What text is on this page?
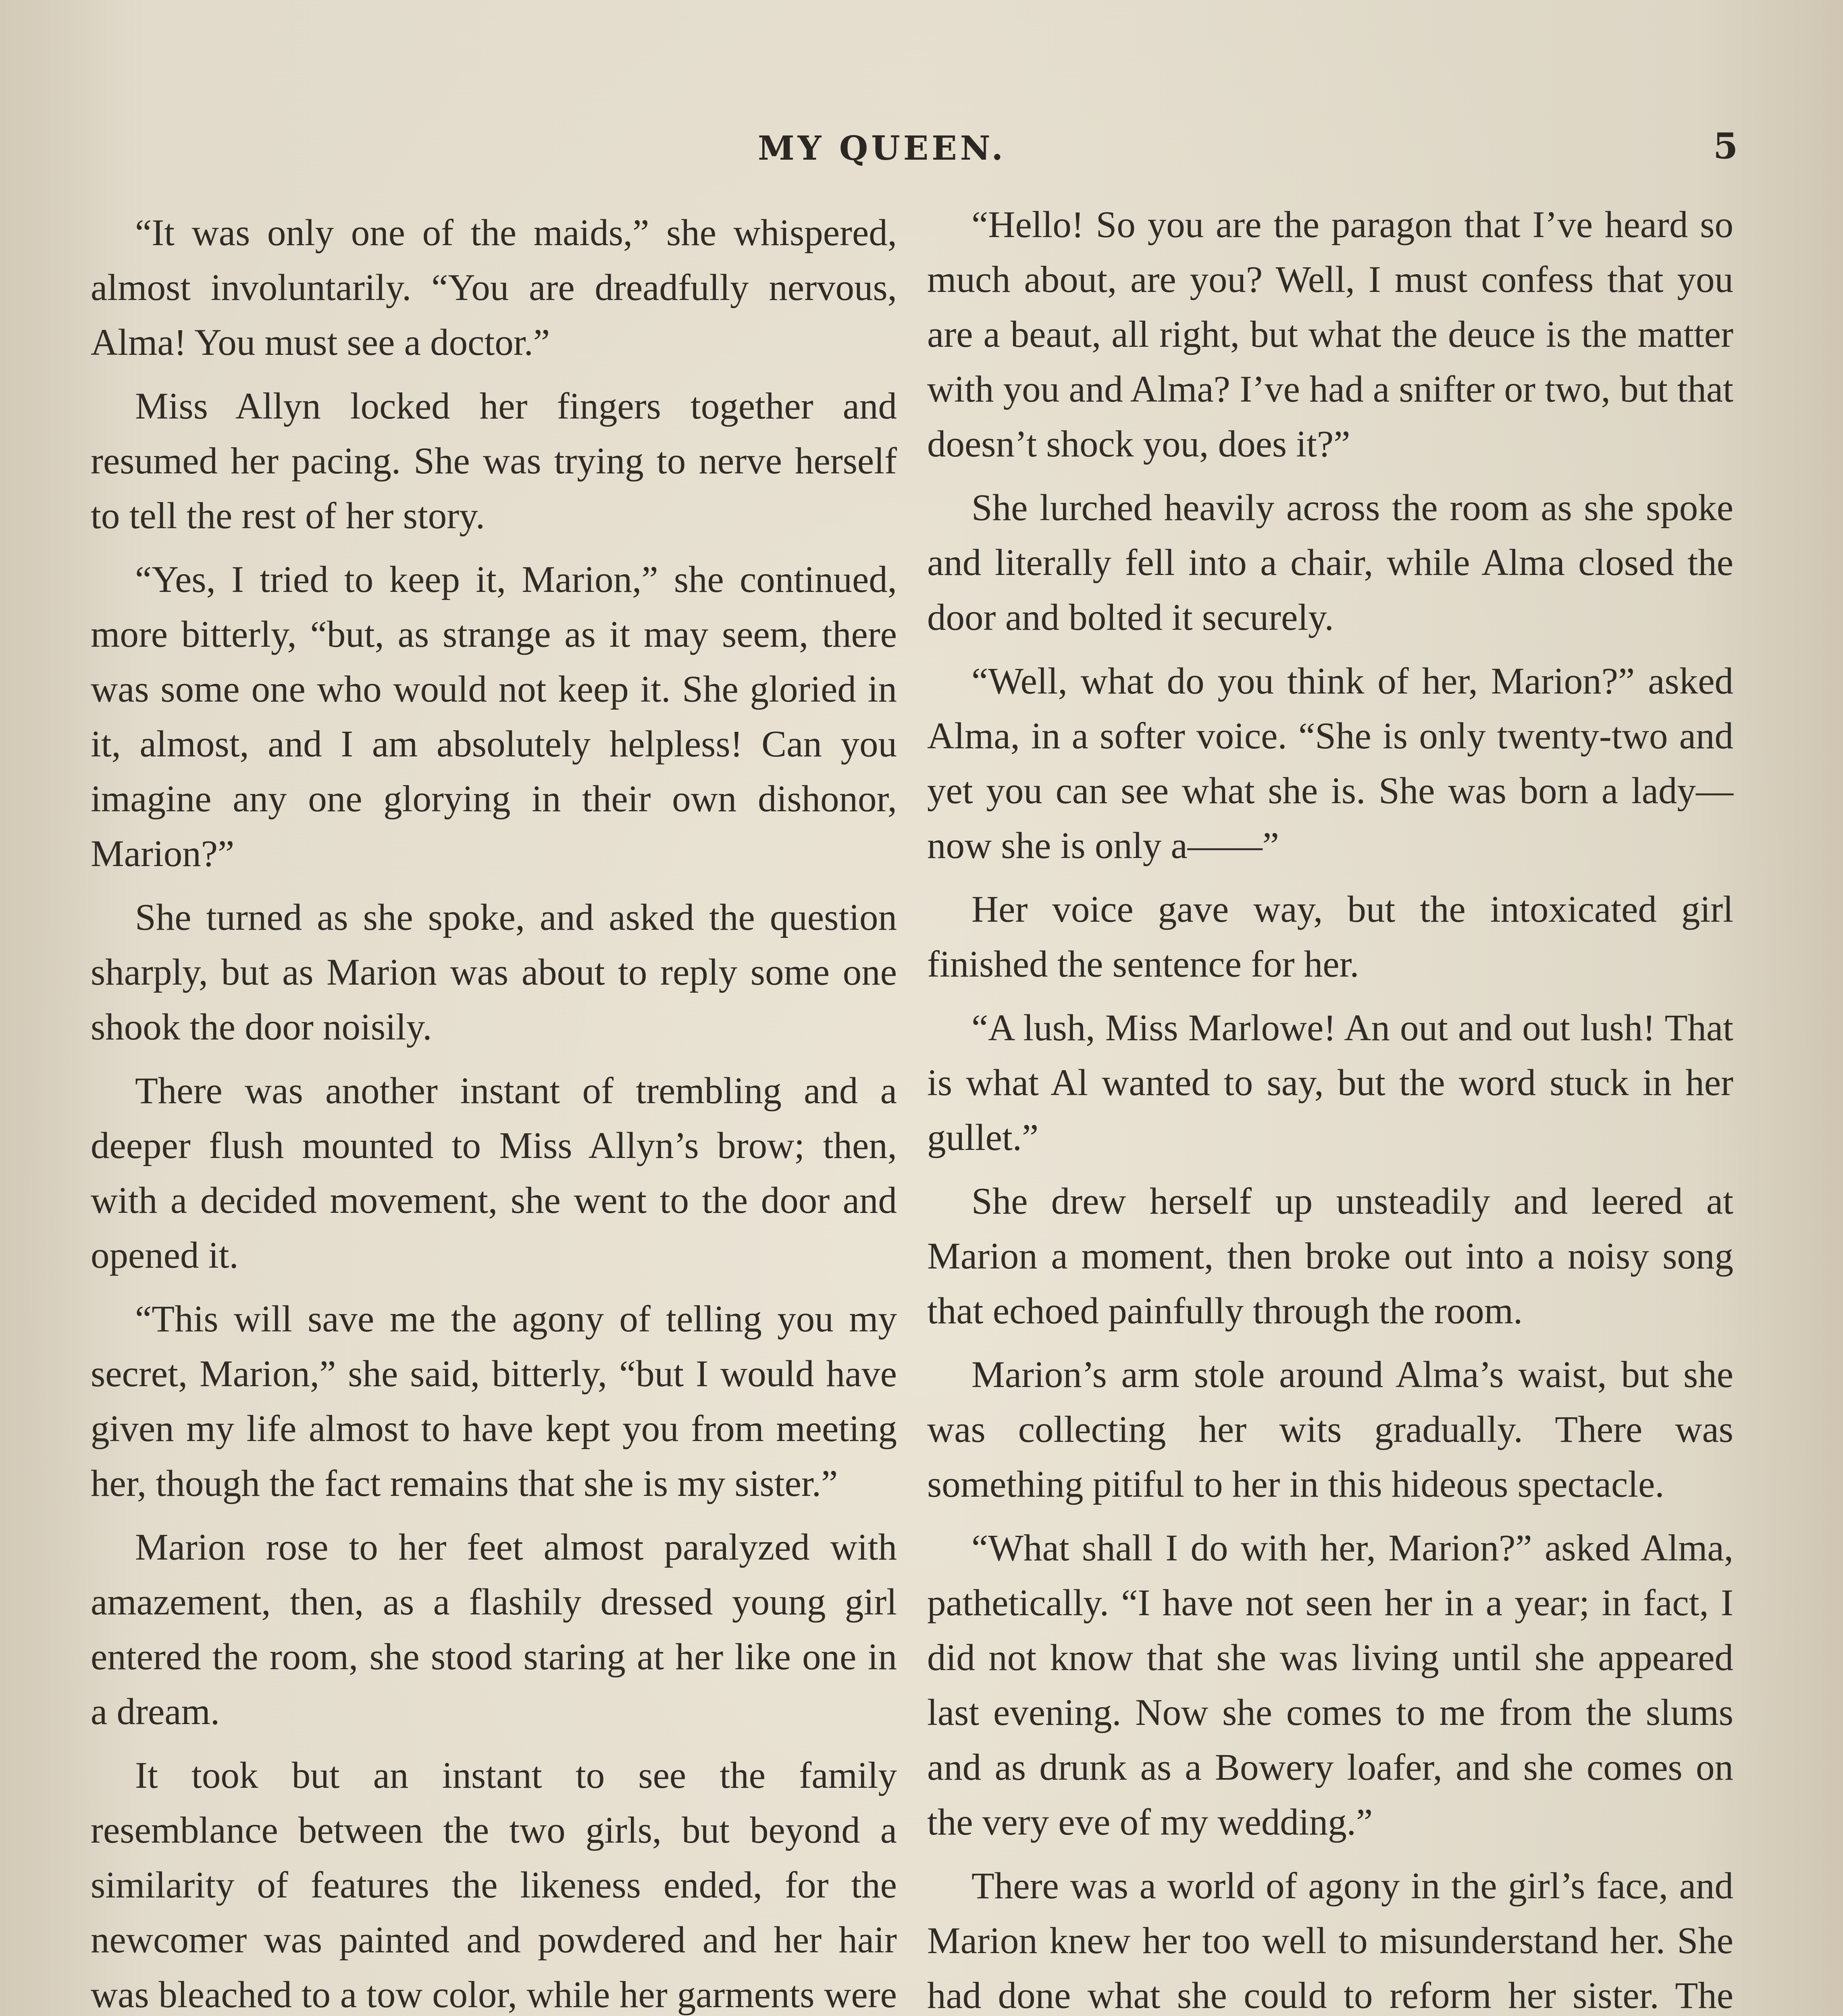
MY QUEEN.	5

“It was only one of the maids,” she whispered, almost involuntarily. “You are dreadfully nervous, Alma! You must see a doctor.”

Miss Allyn locked her fingers together and resumed her pacing. She was trying to nerve herself to tell the rest of her story.

“Yes, I tried to keep it, Marion,” she continued, more bitterly, “but, as strange as it may seem, there was some one who would not keep it. She gloried in it, almost, and I am absolutely helpless! Can you imagine any one glorying in their own dishonor, Marion?”

She turned as she spoke, and asked the question sharply, but as Marion was about to reply some one shook the door noisily.

There was another instant of trembling and a deeper flush mounted to Miss Allyn’s brow; then, with a decided movement, she went to the door and opened it.

“This will save me the agony of telling you my secret, Marion,” she said, bitterly, “but I would have given my life almost to have kept you from meeting her, though the fact remains that she is my sister.”

Marion rose to her feet almost paralyzed with amazement, then, as a flashily dressed young girl entered the room, she stood staring at her like one in a dream.

It took but an instant to see the family resemblance between the two girls, but beyond a similarity of features the likeness ended, for the newcomer was painted and powdered and her hair was bleached to a tow color, while her garments were

“Hello! So you are the paragon that I’ve heard so much about, are you? Well, I must confess that you are a beaut, all right, but what the deuce is the matter with you and Alma? I’ve had a snifter or two, but that doesn’t shock you, does it?”

She lurched heavily across the room as she spoke and literally fell into a chair, while Alma closed the door and bolted it securely.

“Well, what do you think of her, Marion?” asked Alma, in a softer voice. “She is only twenty-two and yet you can see what she is. She was born a lady—now she is only a——”

Her voice gave way, but the intoxicated girl finished the sentence for her.

“A lush, Miss Marlowe! An out and out lush! That is what Al wanted to say, but the word stuck in her gullet.”

She drew herself up unsteadily and leered at Marion a moment, then broke out into a noisy song that echoed painfully through the room.

Marion’s arm stole around Alma’s waist, but she was collecting her wits gradually. There was something pitiful to her in this hideous spectacle.

“What shall I do with her, Marion?” asked Alma, pathetically. “I have not seen her in a year; in fact, I did not know that she was living until she appeared last evening. Now she comes to me from the slums and as drunk as a Bowery loafer, and she comes on the very eve of my wedding.”

There was a world of agony in the girl’s face, and Marion knew her too well to misunderstand her. She had done what she could to reform her sister. The
